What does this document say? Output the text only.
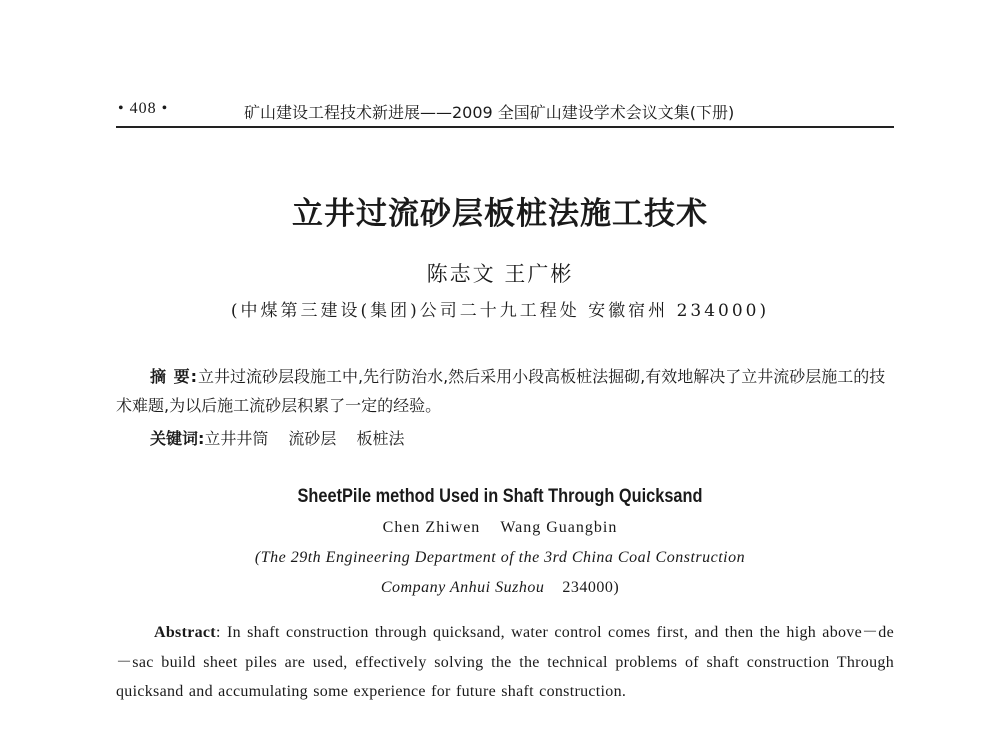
• 408 •	矿山建设工程技术新进展——2009 全国矿山建设学术会议文集(下册)
立井过流砂层板桩法施工技术
陈志文 王广彬
(中煤第三建设(集团)公司二十九工程处 安徽宿州 234000)
摘 要:立井过流砂层段施工中,先行防治水,然后采用小段高板桩法掘砌,有效地解决了立井流砂层施工的技术难题,为以后施工流砂层积累了一定的经验。
关键词:立井井筒 流砂层 板桩法
SheetPile method Used in Shaft Through Quicksand
Chen Zhiwen Wang Guangbin
(The 29th Engineering Department of the 3rd China Coal Construction
Company Anhui Suzhou 234000)
Abstract: In shaft construction through quicksand, water control comes first, and then the high above－de－sac build sheet piles are used, effectively solving the the technical problems of shaft construction Through quicksand and accumulating some experience for future shaft construction.
